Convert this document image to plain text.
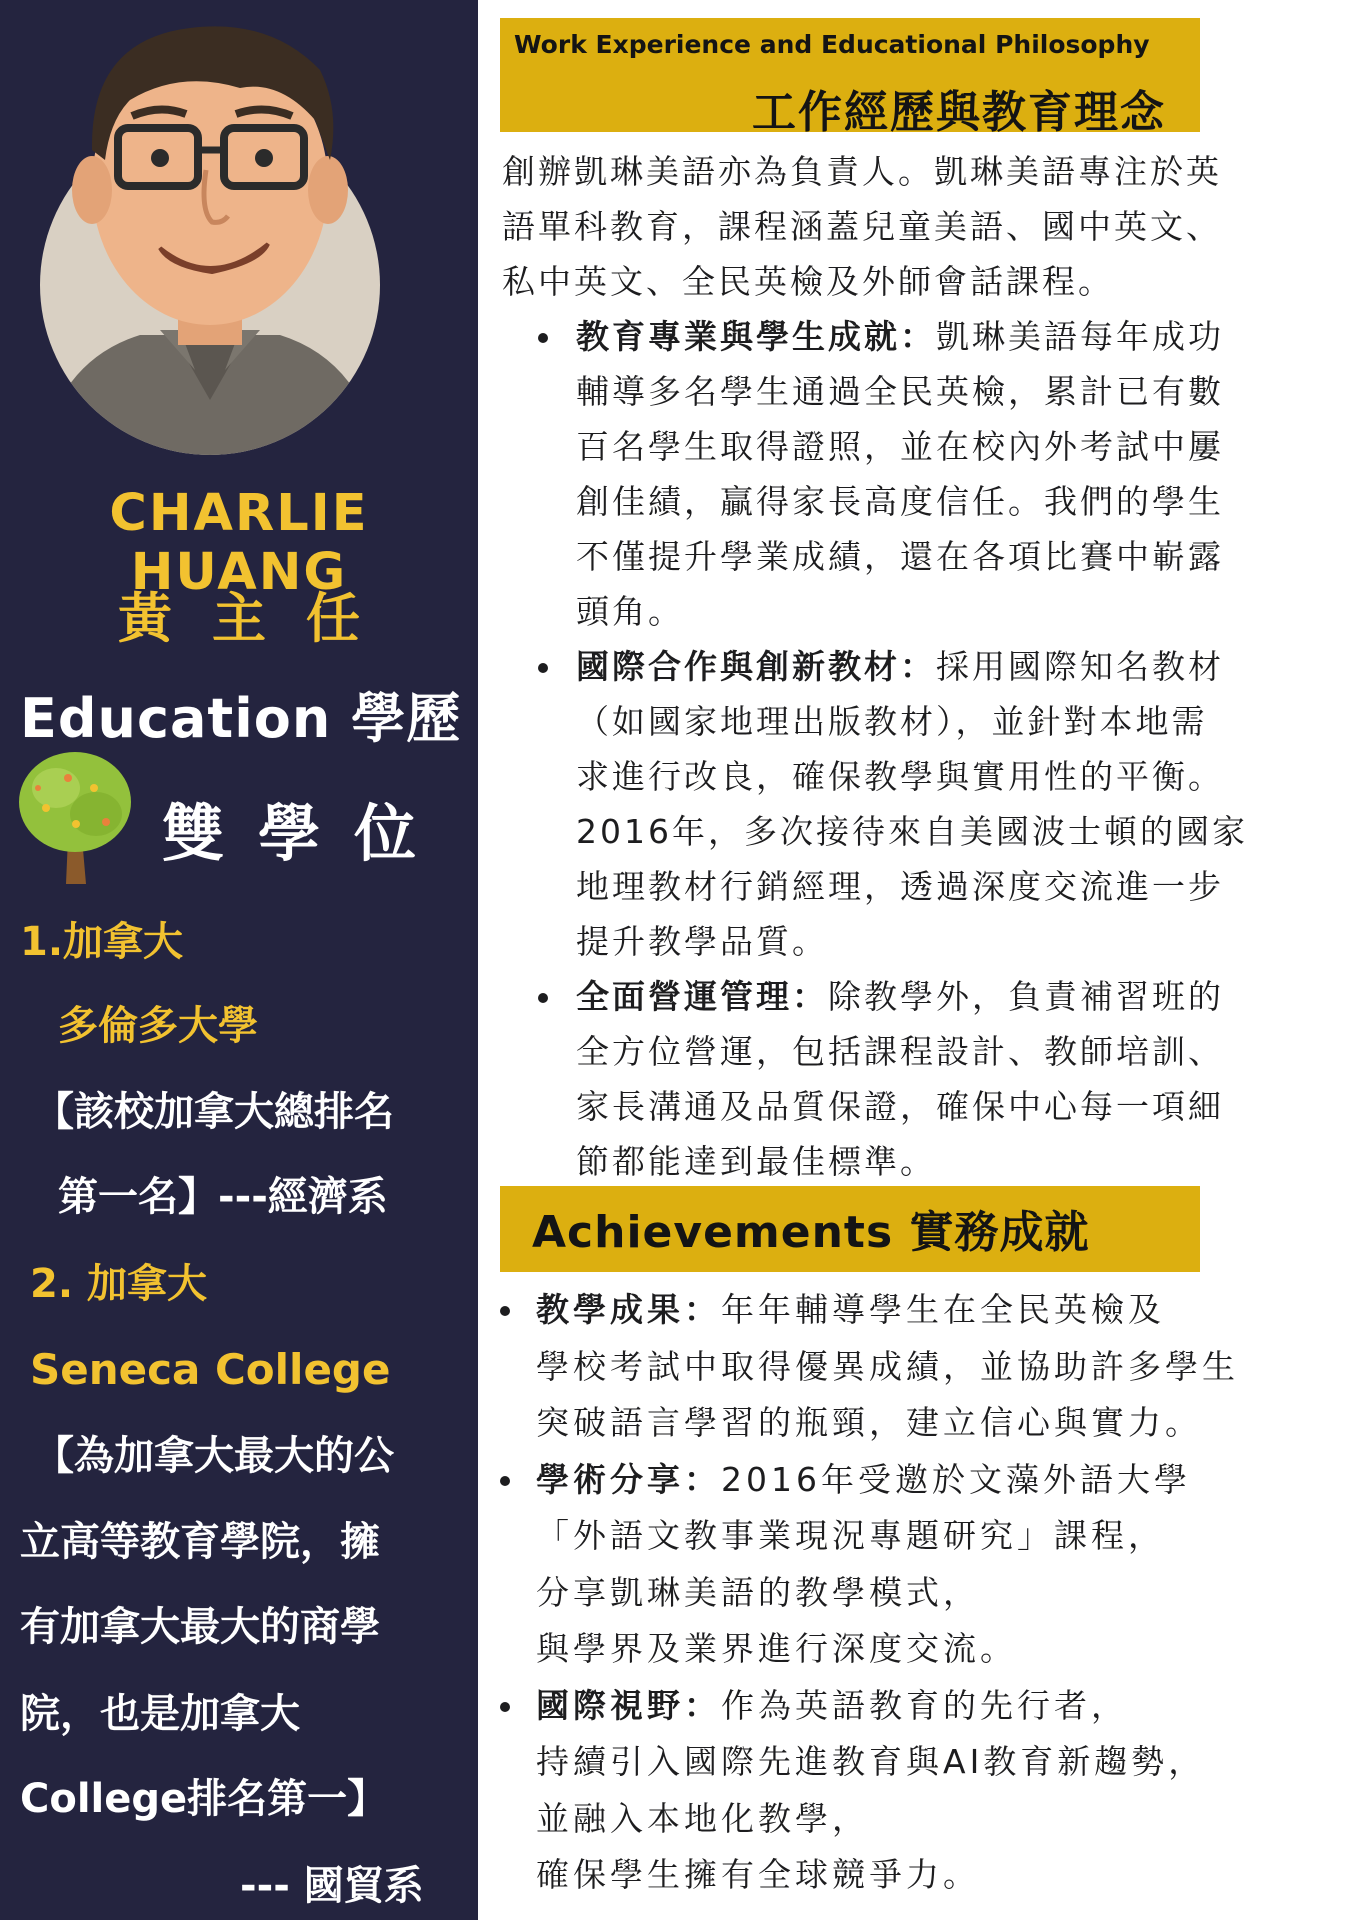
CHARLIE HUANG
黃主任
Education 學歷
雙學位

1.加拿大

多倫多大學

【該校加拿大總排名

第一名】---經濟系

2. 加拿大

Seneca College

【為加拿大最大的公

立高等教育學院，擁

有加拿大最大的商學

院，也是加拿大

College排名第一】

--- 國貿系

Work Experience and Educational Philosophy

工作經歷與教育理念

創辦凱琳美語亦為負責人。凱琳美語專注於英
語單科教育，課程涵蓋兒童美語、國中英文、
私中英文、全民英檢及外師會話課程。

教育專業與學生成就：凱琳美語每年成功
輔導多名學生通過全民英檢，累計已有數
百名學生取得證照，並在校內外考試中屢
創佳績，贏得家長高度信任。我們的學生
不僅提升學業成績，還在各項比賽中嶄露
頭角。
國際合作與創新教材：採用國際知名教材
（如國家地理出版教材），並針對本地需
求進行改良，確保教學與實用性的平衡。
2016年，多次接待來自美國波士頓的國家
地理教材行銷經理，透過深度交流進一步
提升教學品質。
全面營運管理：除教學外，負責補習班的
全方位營運，包括課程設計、教師培訓、
家長溝通及品質保證，確保中心每一項細
節都能達到最佳標準。

Achievements 實務成就

教學成果：年年輔導學生在全民英檢及
學校考試中取得優異成績，並協助許多學生
突破語言學習的瓶頸，建立信心與實力。
學術分享：2016年受邀於文藻外語大學
「外語文教事業現況專題研究」課程，
分享凱琳美語的教學模式，
與學界及業界進行深度交流。
國際視野：作為英語教育的先行者，
持續引入國際先進教育與AI教育新趨勢，
並融入本地化教學，
確保學生擁有全球競爭力。
